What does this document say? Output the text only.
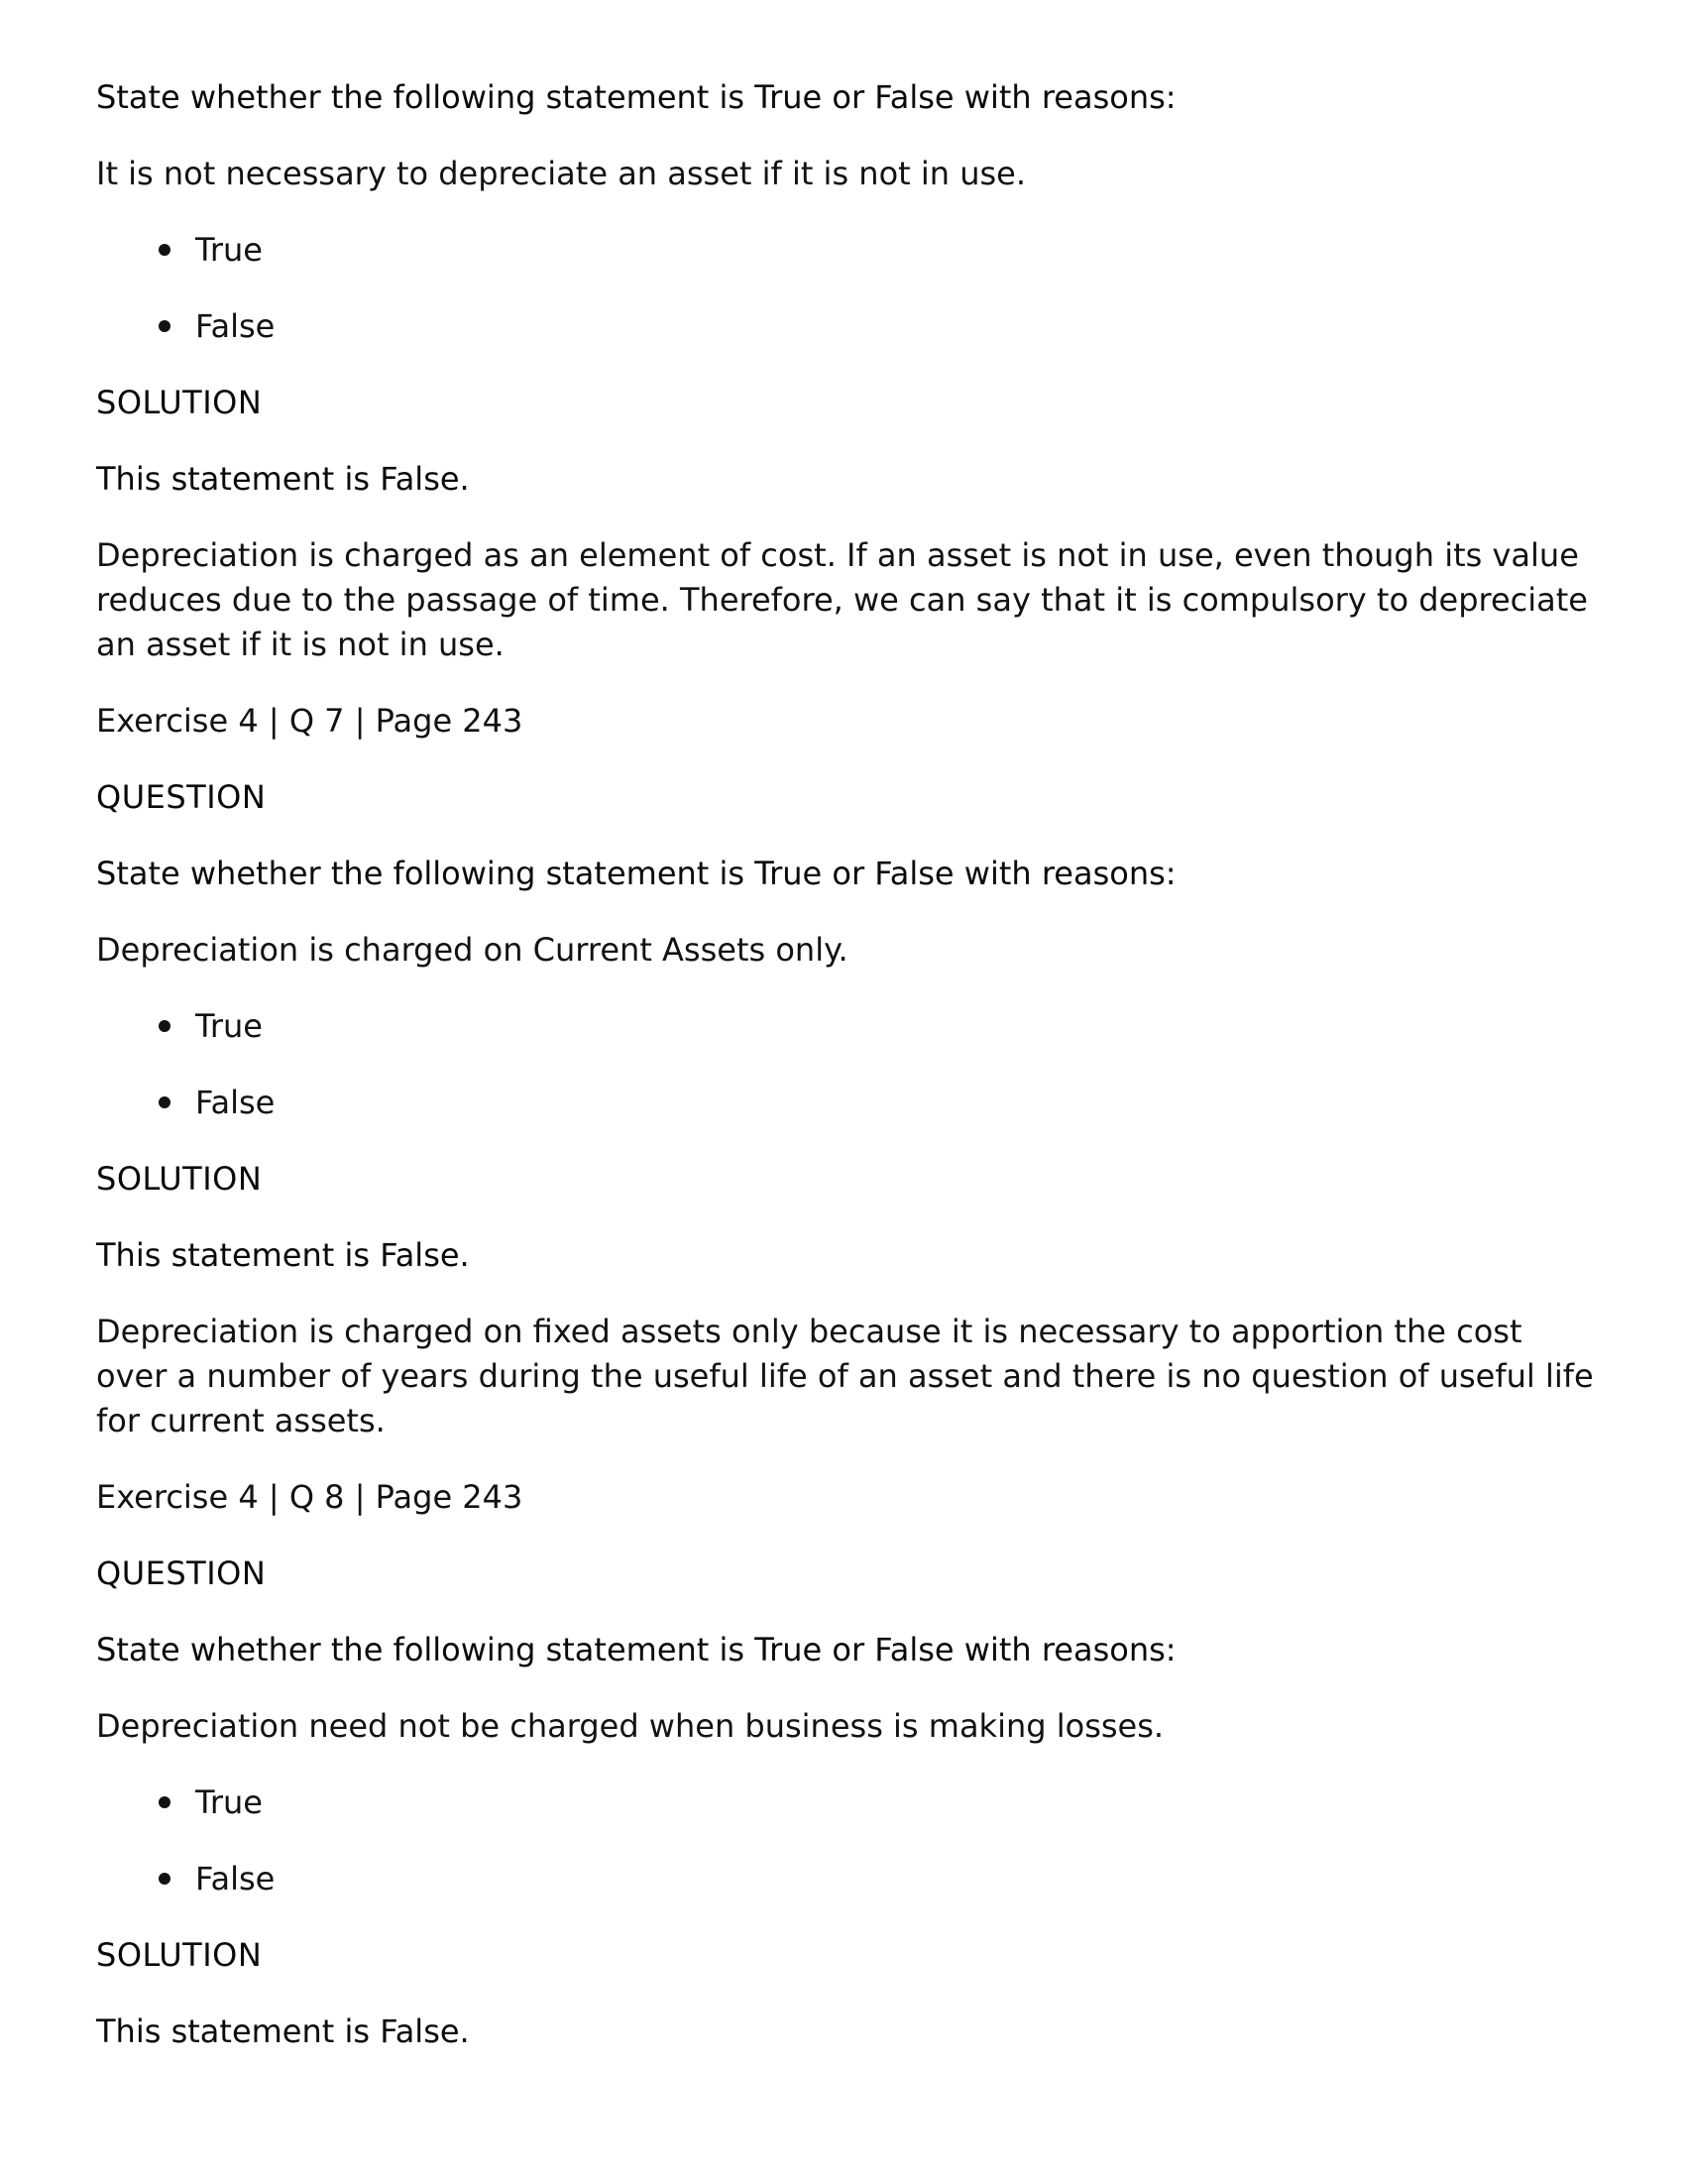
State whether the following statement is True or False with reasons:

It is not necessary to depreciate an asset if it is not in use.

True
False
SOLUTION

This statement is False.

Depreciation is charged as an element of cost. If an asset is not in use, even though its value reduces due to the passage of time. Therefore, we can say that it is compulsory to depreciate an asset if it is not in use.

Exercise 4 | Q 7 | Page 243

QUESTION
State whether the following statement is True or False with reasons:

Depreciation is charged on Current Assets only.

True
False
SOLUTION

This statement is False.

Depreciation is charged on fixed assets only because it is necessary to apportion the cost over a number of years during the useful life of an asset and there is no question of useful life for current assets.

Exercise 4 | Q 8 | Page 243

QUESTION
State whether the following statement is True or False with reasons:

Depreciation need not be charged when business is making losses.

True
False
SOLUTION

This statement is False.
